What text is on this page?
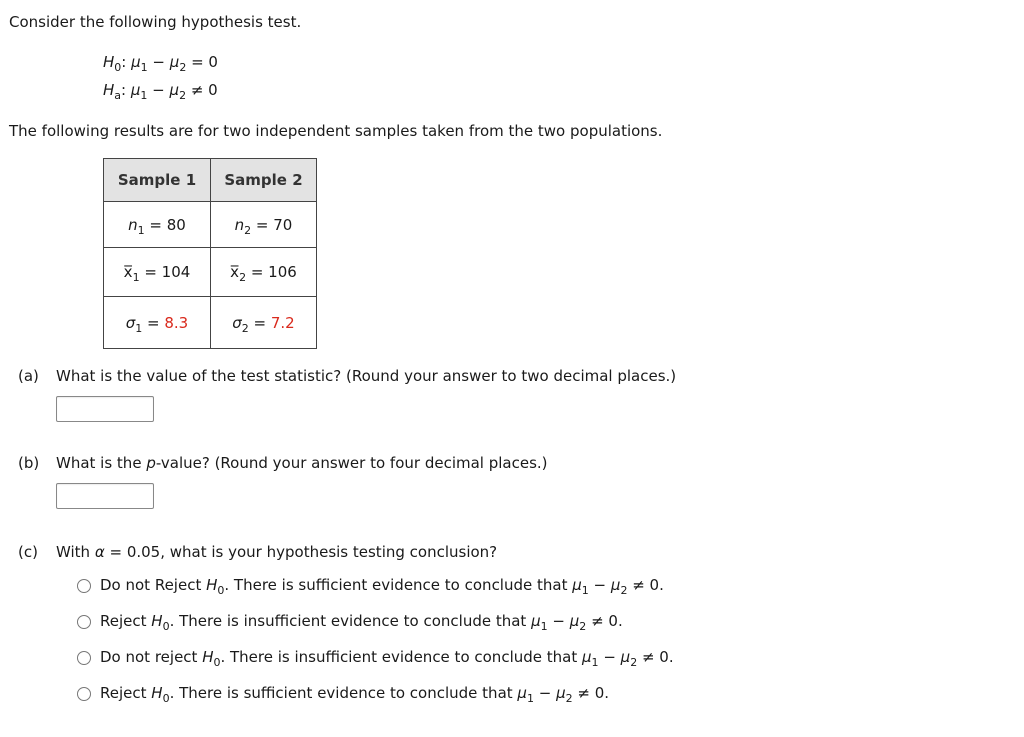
Consider the following hypothesis test.
$H_0$: $\mu_1 - \mu_2 = 0$
$H_a$: $\mu_1 - \mu_2 \ne 0$
The following results are for two independent samples taken from the two populations.
Sample 1	Sample 2
$n_1 = 80$	$n_2 = 70$
$x̅_1 = 104$	$x̅_2 = 106$
$\sigma_1 = 8.3$	$\sigma_2 = 7.2$
(a) What is the value of the test statistic? (Round your answer to two decimal places.)
(b) What is the p-value? (Round your answer to four decimal places.)
(c) With α = 0.05, what is your hypothesis testing conclusion?
Do not Reject $H_0$. There is sufficient evidence to conclude that $\mu_1 - \mu_2 \ne 0$.
Reject $H_0$. There is insufficient evidence to conclude that $\mu_1 - \mu_2 \ne 0$.
Do not reject $H_0$. There is insufficient evidence to conclude that $\mu_1 - \mu_2 \ne 0$.
Reject $H_0$. There is sufficient evidence to conclude that $\mu_1 - \mu_2 \ne 0$.
